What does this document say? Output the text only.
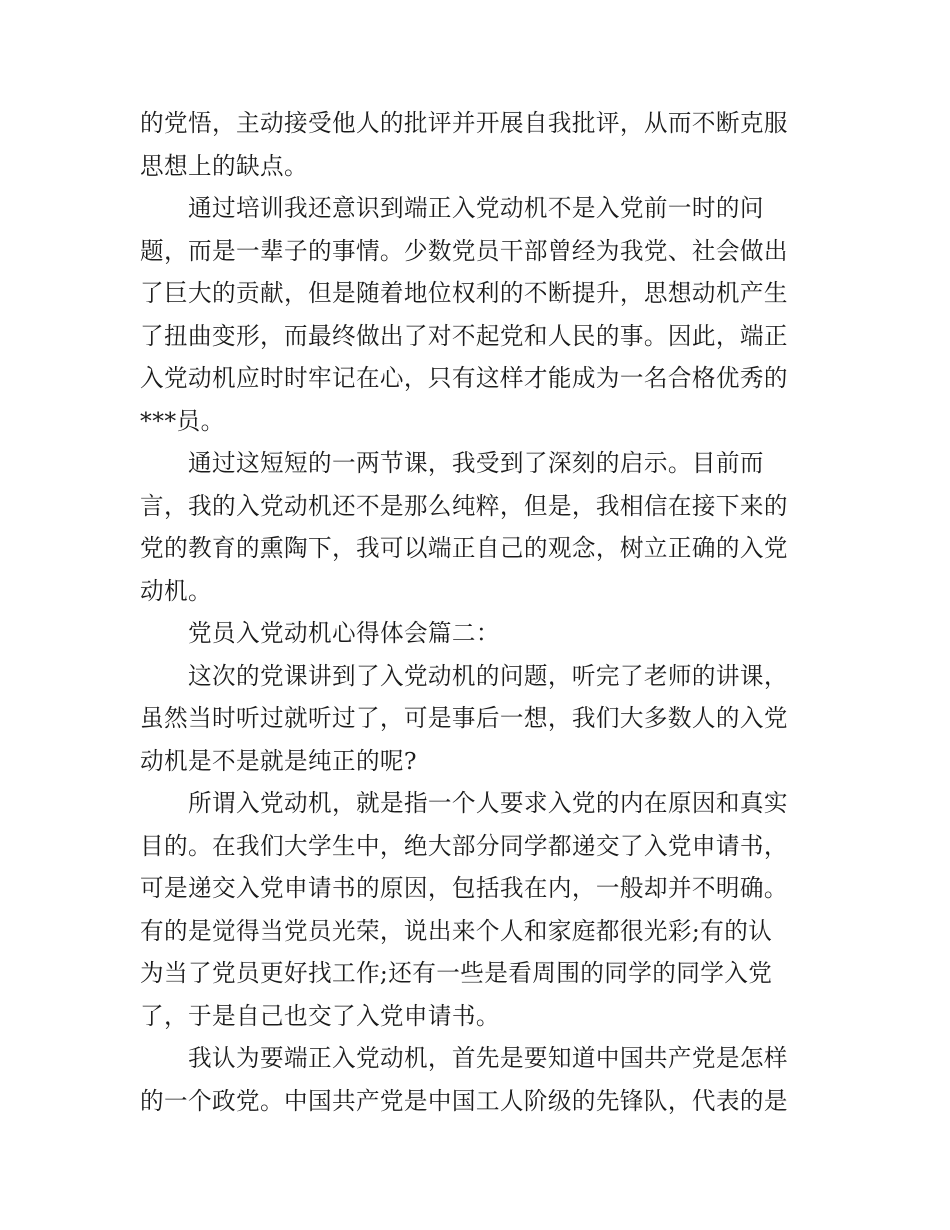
的党悟，主动接受他人的批评并开展自我批评，从而不断克服

思想上的缺点。

通过培训我还意识到端正入党动机不是入党前一时的问

题，而是一辈子的事情。少数党员干部曾经为我党、社会做出

了巨大的贡献，但是随着地位权利的不断提升，思想动机产生

了扭曲变形，而最终做出了对不起党和人民的事。因此，端正

入党动机应时时牢记在心，只有这样才能成为一名合格优秀的

***员。

通过这短短的一两节课，我受到了深刻的启示。目前而

言，我的入党动机还不是那么纯粹，但是，我相信在接下来的

党的教育的熏陶下，我可以端正自己的观念，树立正确的入党

动机。

党员入党动机心得体会篇二：

这次的党课讲到了入党动机的问题，听完了老师的讲课，

虽然当时听过就听过了，可是事后一想，我们大多数人的入党

动机是不是就是纯正的呢?

所谓入党动机，就是指一个人要求入党的内在原因和真实

目的。在我们大学生中，绝大部分同学都递交了入党申请书，

可是递交入党申请书的原因，包括我在内，一般却并不明确。

有的是觉得当党员光荣，说出来个人和家庭都很光彩;有的认

为当了党员更好找工作;还有一些是看周围的同学的同学入党

了，于是自己也交了入党申请书。

我认为要端正入党动机，首先是要知道中国共产党是怎样

的一个政党。中国共产党是中国工人阶级的先锋队，代表的是
